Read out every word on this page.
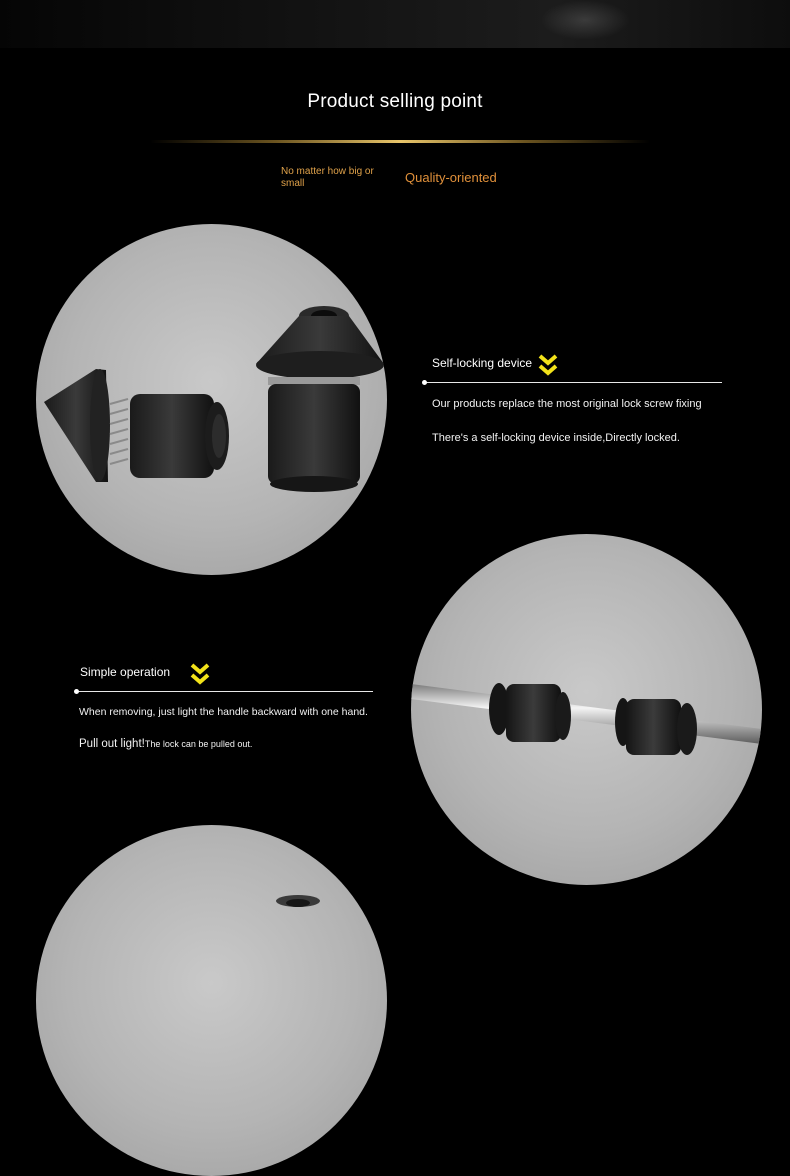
Product selling point
No matter how big or small	Quality-oriented
Self-locking device
Our products replace the most original lock screw fixing
There's a self-locking device inside,Directly locked.
Simple operation
When removing, just light the handle backward with one hand.
Pull out light!The lock can be pulled out.
